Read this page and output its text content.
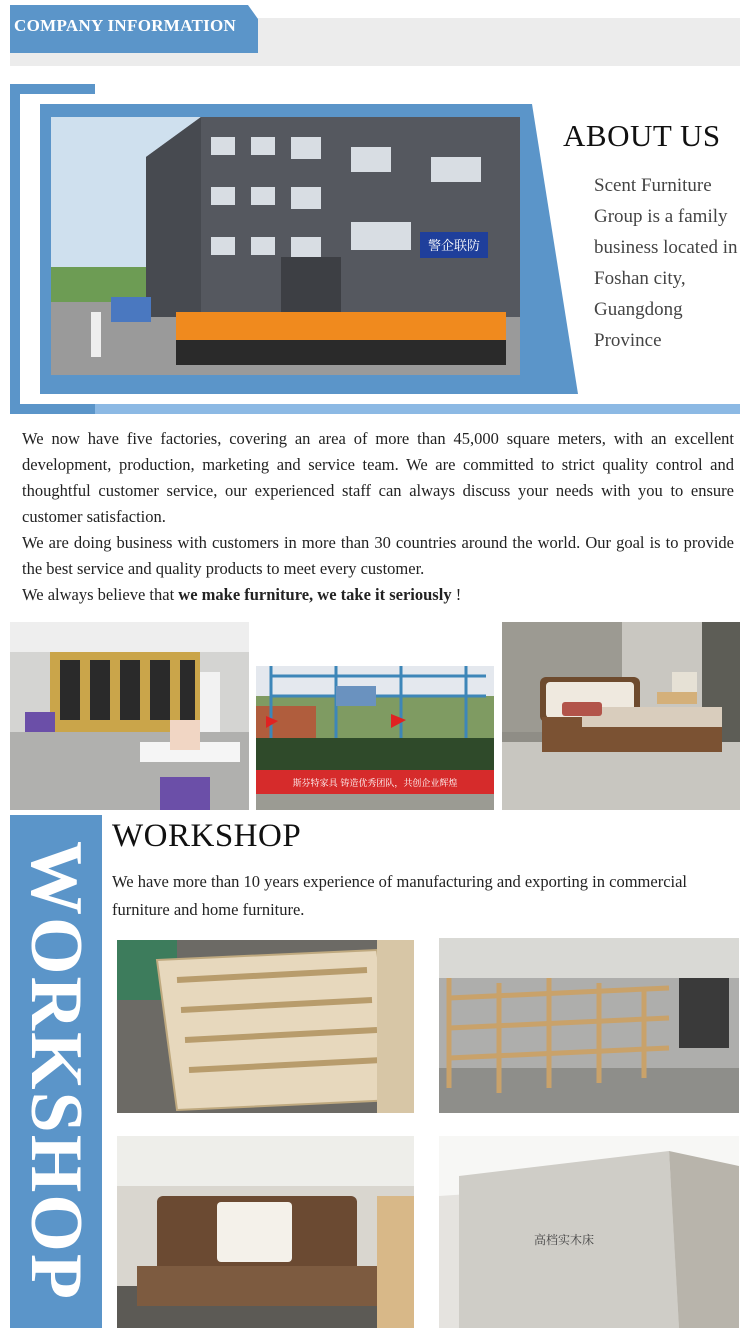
COMPANY INFORMATION
警企联防
ABOUT US
Scent Furniture Group is a family business located in Foshan city, Guangdong Province

We now have five factories, covering an area of more than 45,000 square meters, with an excellent development, production, marketing and service team. We are committed to strict quality control and thoughtful customer service, our experienced staff can always discuss your needs with you to ensure customer satisfaction.

We are doing business with customers in more than 30 countries around the world. Our goal is to provide the best service and quality products to meet every customer.

We always believe that we make furniture, we take it seriously !

斯芬特家具 铸造优秀团队，共创企业辉煌
WORKSHOP
WORKSHOP
We have more than 10 years experience of manufacturing and exporting in commercial furniture and home furniture.
高档实木床
